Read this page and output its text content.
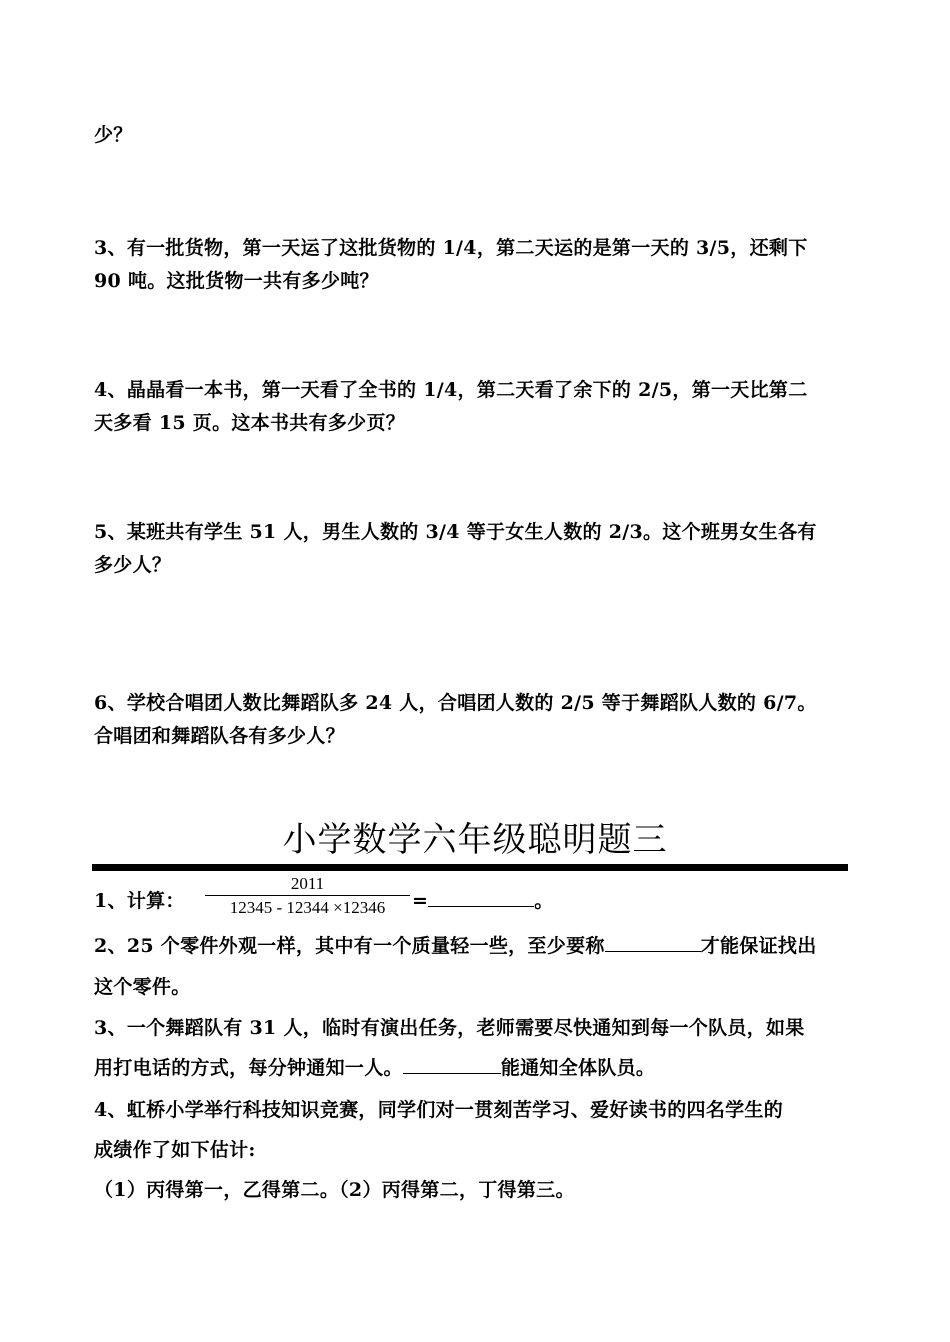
少？
3、有一批货物，第一天运了这批货物的 1/4，第二天运的是第一天的 3/5，还剩下
90 吨。这批货物一共有多少吨？
4、晶晶看一本书，第一天看了全书的 1/4，第二天看了余下的 2/5，第一天比第二
天多看 15 页。这本书共有多少页？
5、某班共有学生 51 人，男生人数的 3/4 等于女生人数的 2/3。这个班男女生各有
多少人？
6、学校合唱团人数比舞蹈队多 24 人，合唱团人数的 2/5 等于舞蹈队人数的 6/7。
合唱团和舞蹈队各有多少人？
小学数学六年级聪明题三
1、计算：
2011
12345 - 12344 ×12346	=	。
2、25 个零件外观一样，其中有一个质量轻一些，至少要称	才能保证找出
这个零件。
3、一个舞蹈队有 31 人，临时有演出任务，老师需要尽快通知到每一个队员，如果
用打电话的方式，每分钟通知一人。	能通知全体队员。
4、虹桥小学举行科技知识竞赛，同学们对一贯刻苦学习、爱好读书的四名学生的
成绩作了如下估计:
（1）丙得第一，乙得第二。（2）丙得第二，丁得第三。
